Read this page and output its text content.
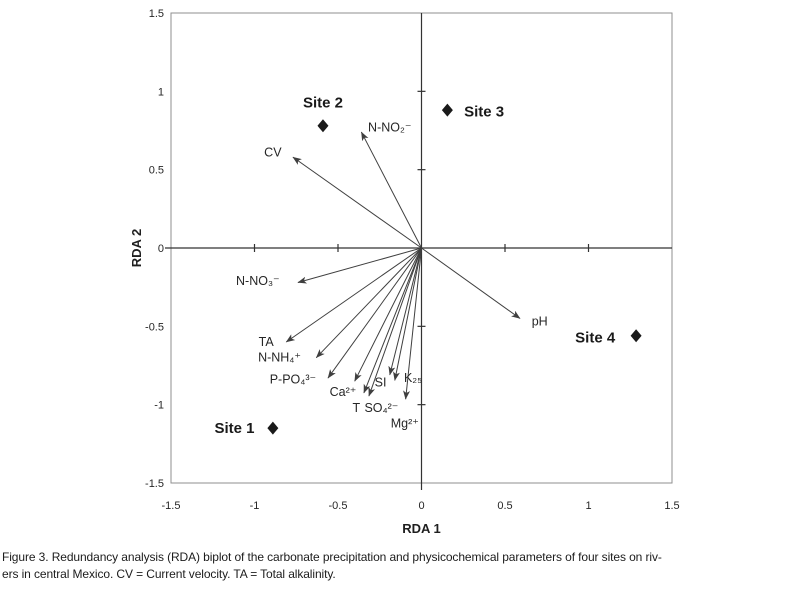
-1.5	-1	-0.5	0	0.5	1	1.5
-1.5
-1
-0.5
0
0.5
1
1.5
RDA 1
RDA 2
CV
N-NO₂⁻
N-NO₃⁻
TA
N-NH₄⁺
P-PO₄³⁻
Ca²⁺
T SO₄²⁻
SI K₂₅
Mg²⁺
pH
Site 1
Site 2
Site 3
Site 4
Figure 3. Redundancy analysis (RDA) biplot of the carbonate precipitation and physicochemical parameters of four sites on riv-
ers in central Mexico. CV = Current velocity. TA = Total alkalinity.
